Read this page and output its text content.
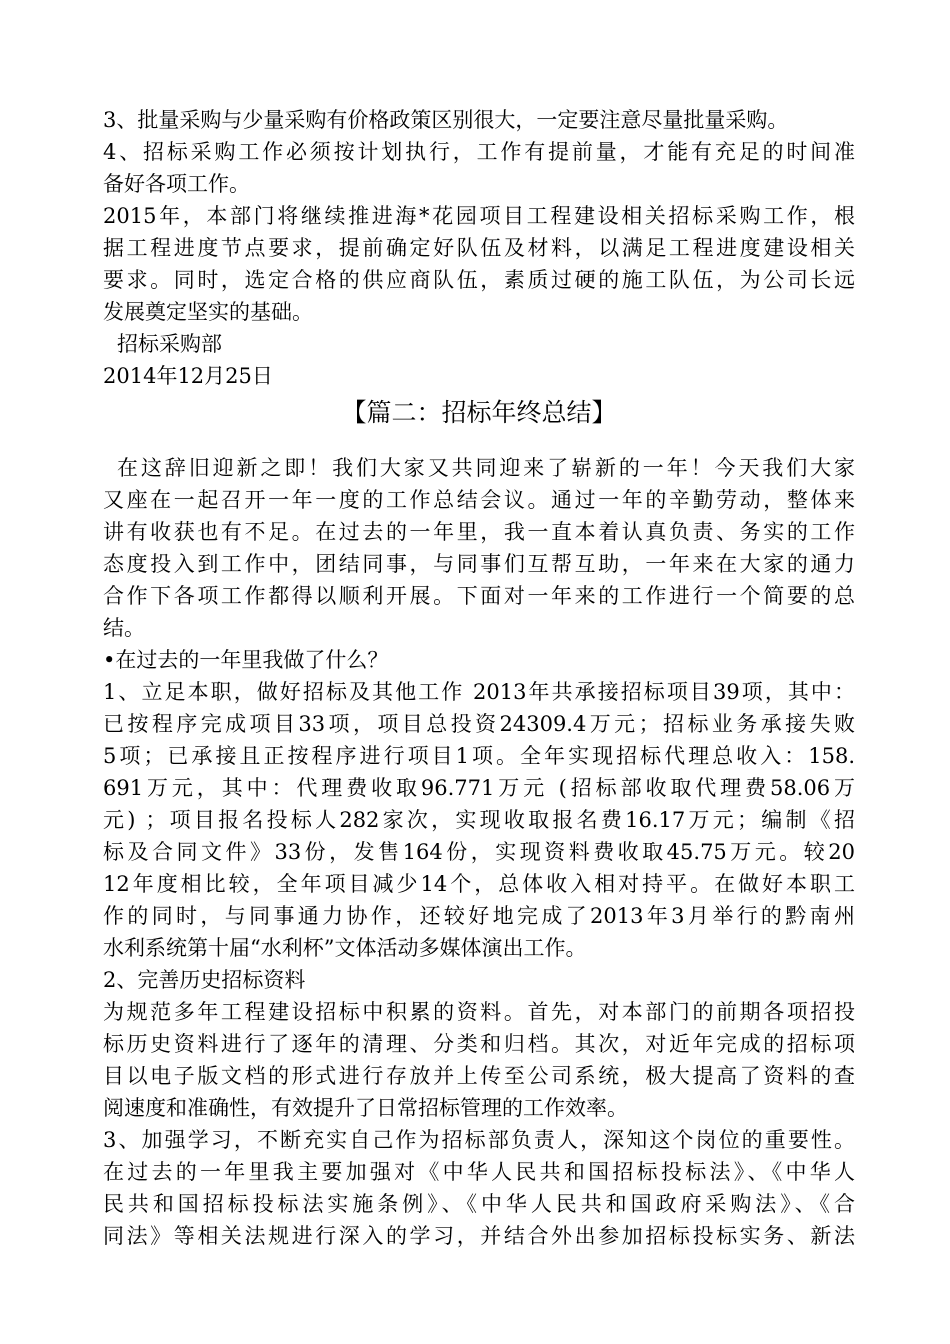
3、批量采购与少量采购有价格政策区别很大，一定要注意尽量批量采购。
4、招标采购工作必须按计划执行，工作有提前量，才能有充足的时间准
备好各项工作。
2015年，本部门将继续推进海*花园项目工程建设相关招标采购工作，根
据工程进度节点要求，提前确定好队伍及材料，以满足工程进度建设相关
要求。同时，选定合格的供应商队伍，素质过硬的施工队伍，为公司长远
发展奠定坚实的基础。
招标采购部
2014年12月25日
【篇二：招标年终总结】
在这辞旧迎新之即！我们大家又共同迎来了崭新的一年！今天我们大家
又座在一起召开一年一度的工作总结会议。通过一年的辛勤劳动，整体来
讲有收获也有不足。在过去的一年里，我一直本着认真负责、务实的工作
态度投入到工作中，团结同事，与同事们互帮互助，一年来在大家的通力
合作下各项工作都得以顺利开展。下面对一年来的工作进行一个简要的总
结。
•在过去的一年里我做了什么？
1、立足本职，做好招标及其他工作 2013年共承接招标项目39项，其中：
已按程序完成项目33项，项目总投资24309.4万元；招标业务承接失败
5项；已承接且正按程序进行项目1项。全年实现招标代理总收入：158.
691万元，其中：代理费收取96.771万元 (招标部收取代理费58.06万
元) ；项目报名投标人282家次，实现收取报名费16.17万元；编制《招
标及合同文件》33份，发售164份，实现资料费收取45.75万元。较20
12年度相比较，全年项目减少14个，总体收入相对持平。在做好本职工
作的同时，与同事通力协作，还较好地完成了2013年3月举行的黔南州
水利系统第十届“水利杯”文体活动多媒体演出工作。
2、完善历史招标资料
为规范多年工程建设招标中积累的资料。首先，对本部门的前期各项招投
标历史资料进行了逐年的清理、分类和归档。其次，对近年完成的招标项
目以电子版文档的形式进行存放并上传至公司系统，极大提高了资料的查
阅速度和准确性，有效提升了日常招标管理的工作效率。
3、加强学习，不断充实自己作为招标部负责人，深知这个岗位的重要性。
在过去的一年里我主要加强对《中华人民共和国招标投标法》、《中华人
民共和国招标投标法实施条例》、《中华人民共和国政府采购法》、《合
同法》等相关法规进行深入的学习，并结合外出参加招标投标实务、新法
